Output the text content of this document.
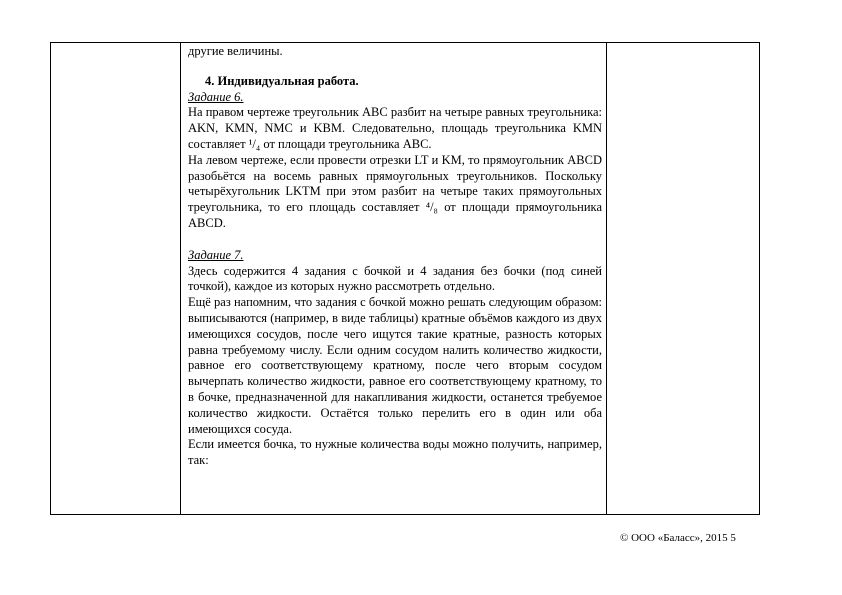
другие величины.

4. Индивидуальная работа.

Задание 6.

На правом чертеже треугольник ABC разбит на четыре равных треугольника: AKN, KMN, NMC и KBM. Следовательно, площадь треугольника KMN составляет ¹/₄ от площади треугольника ABC.

На левом чертеже, если провести отрезки LT и KM, то прямоугольник ABCD разобьётся на восемь равных прямоугольных треугольников. Поскольку четырёхугольник LKTM при этом разбит на четыре таких прямоугольных треугольника, то его площадь составляет ⁴/₈ от площади прямоугольника ABCD.

Задание 7.

Здесь содержится 4 задания с бочкой и 4 задания без бочки (под синей точкой), каждое из которых нужно рассмотреть отдельно.

Ещё раз напомним, что задания с бочкой можно решать следующим образом: выписываются (например, в виде таблицы) кратные объёмов каждого из двух имеющихся сосудов, после чего ищутся такие кратные, разность которых равна требуемому числу. Если одним сосудом налить количество жидкости, равное его соответствующему кратному, после чего вторым сосудом вычерпать количество жидкости, равное его соответствующему кратному, то в бочке, предназначенной для накапливания жидкости, останется требуемое количество жидкости. Остаётся только перелить его в один или оба имеющихся сосуда.

Если имеется бочка, то нужные количества воды можно получить, например, так:

© ООО «Баласс», 2015 5
